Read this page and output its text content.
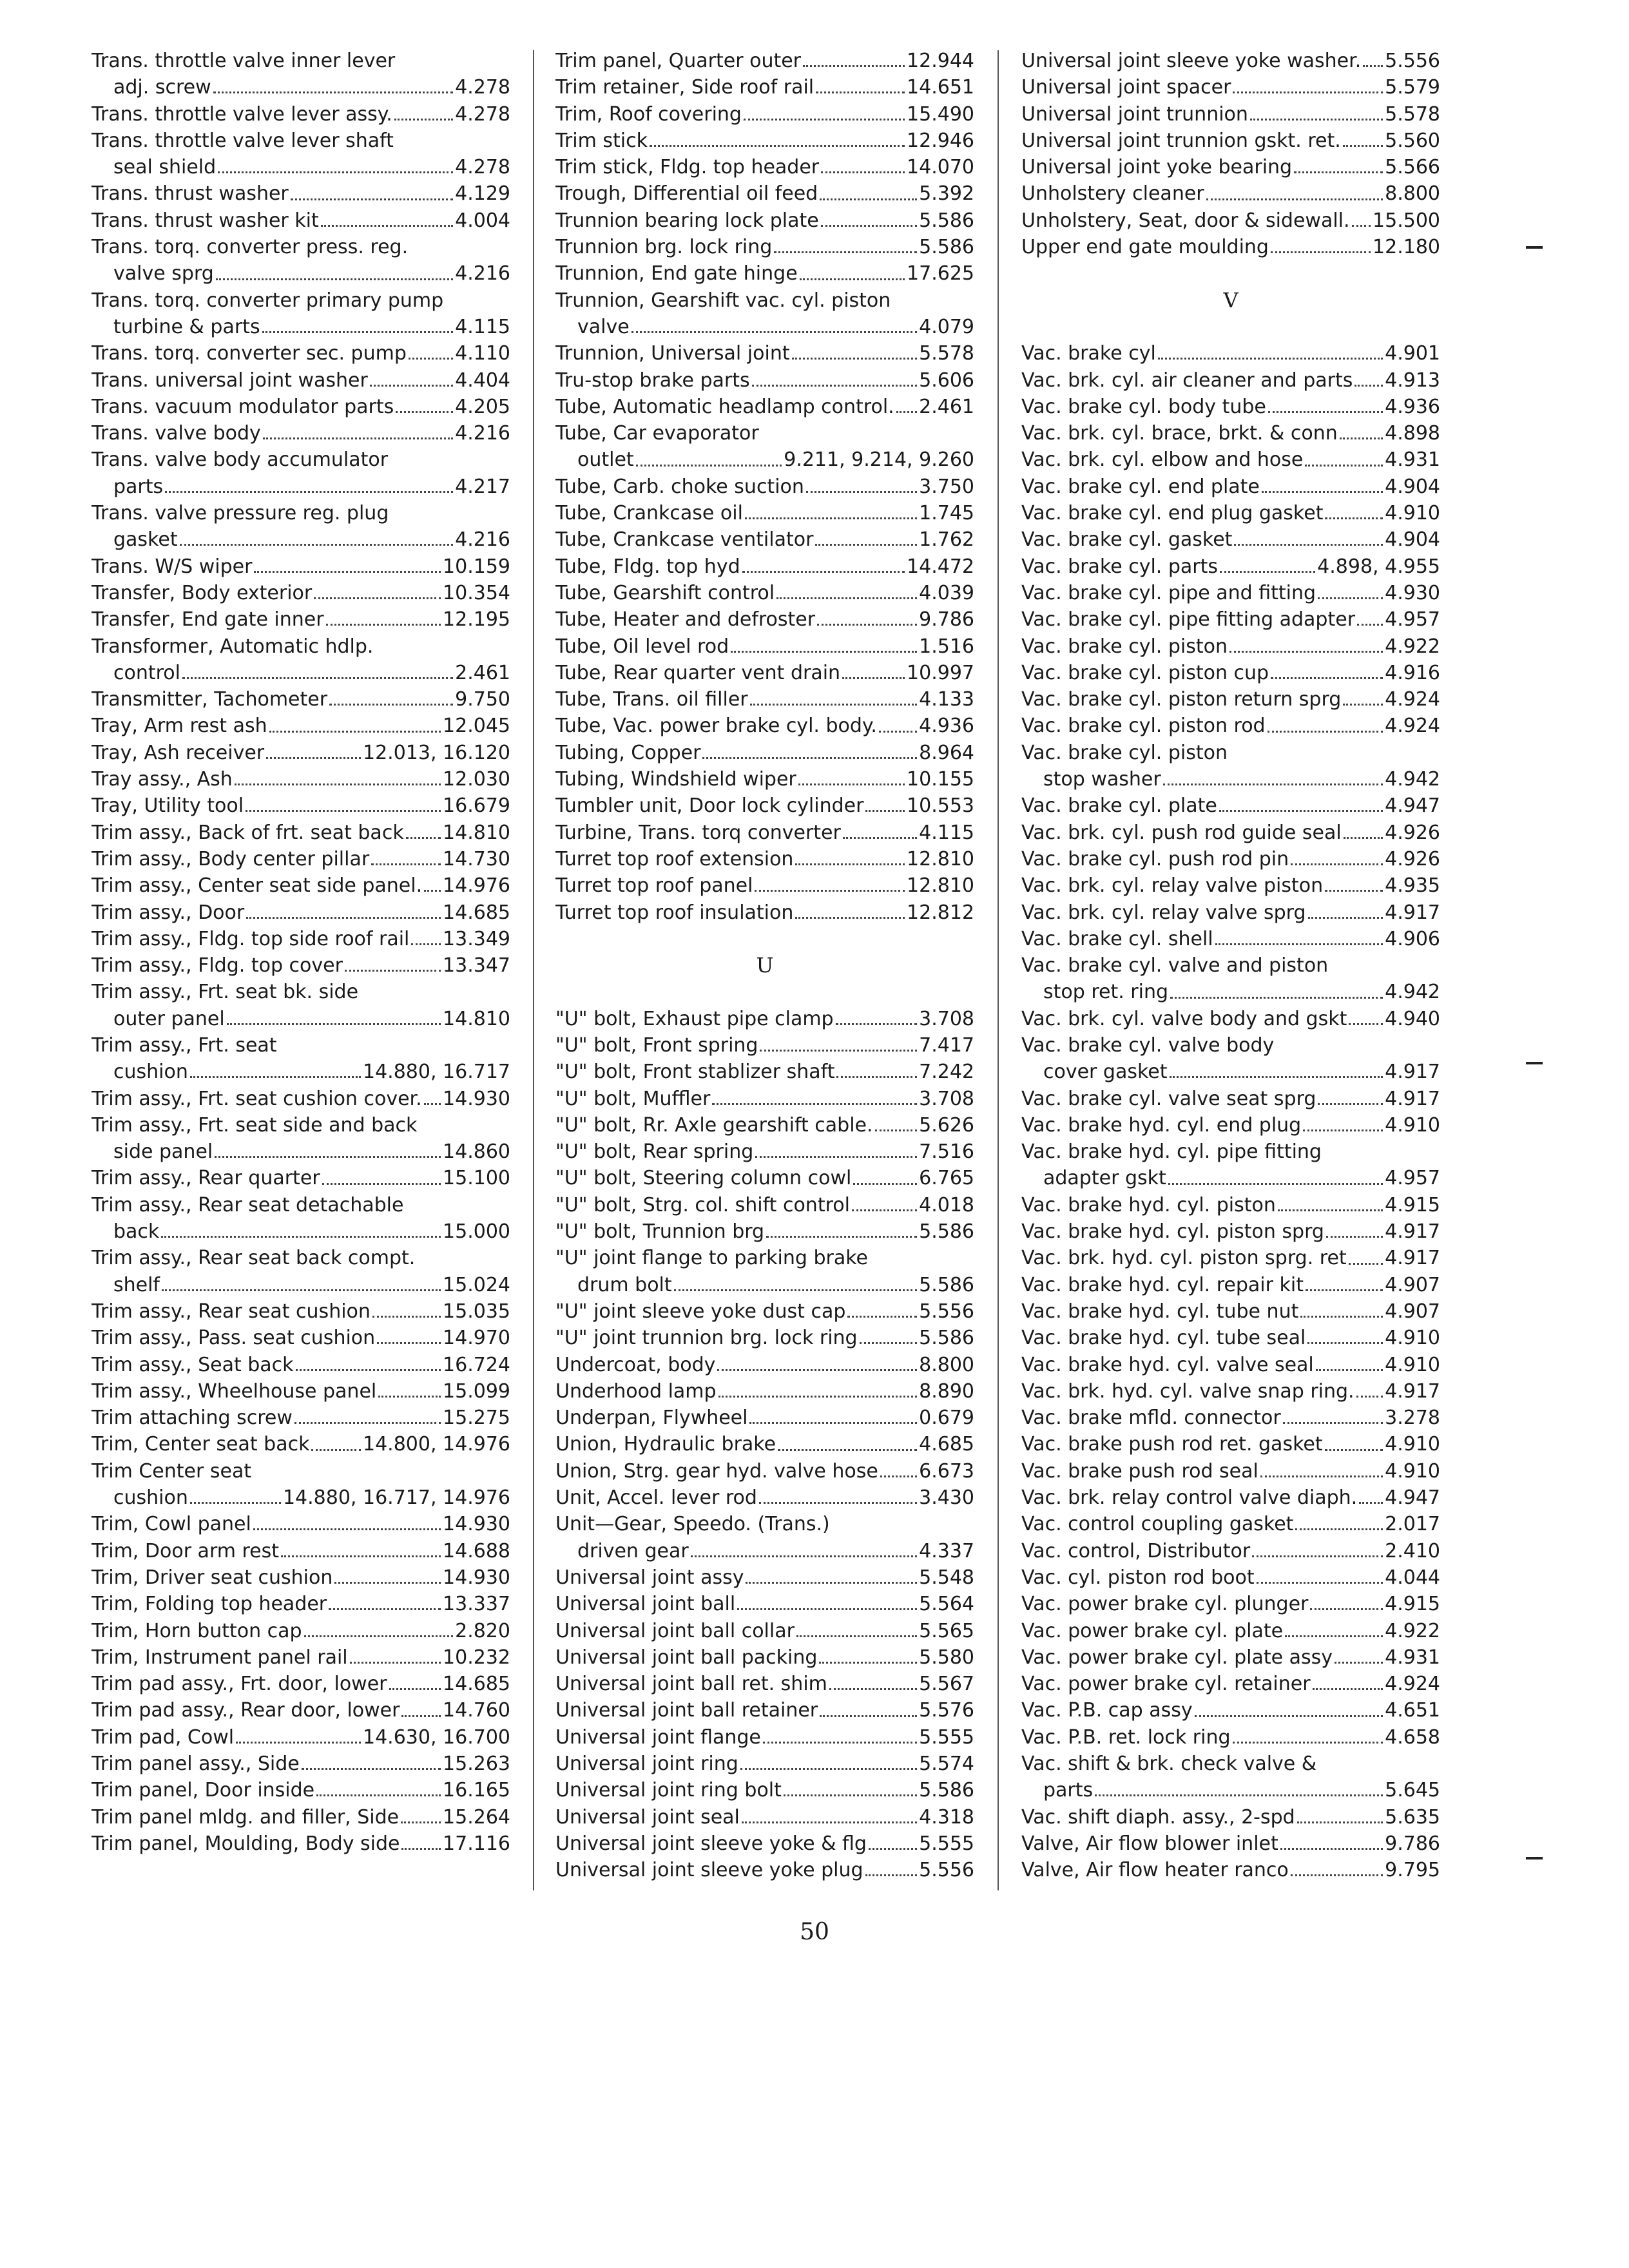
Trans. throttle valve inner lever
adj. screw	4.278
Trans. throttle valve lever assy.	4.278
Trans. throttle valve lever shaft
seal shield	4.278
Trans. thrust washer	4.129
Trans. thrust washer kit	4.004
Trans. torq. converter press. reg.
valve sprg	4.216
Trans. torq. converter primary pump
turbine & parts	4.115
Trans. torq. converter sec. pump	4.110
Trans. universal joint washer	4.404
Trans. vacuum modulator parts	4.205
Trans. valve body	4.216
Trans. valve body accumulator
parts	4.217
Trans. valve pressure reg. plug
gasket	4.216
Trans. W/S wiper	10.159
Transfer, Body exterior	10.354
Transfer, End gate inner	12.195
Transformer, Automatic hdlp.
control	2.461
Transmitter, Tachometer	9.750
Tray, Arm rest ash	12.045
Tray, Ash receiver	12.013, 16.120
Tray assy., Ash	12.030
Tray, Utility tool	16.679
Trim assy., Back of frt. seat back 14.810
Trim assy., Body center pillar	14.730
Trim assy., Center seat side panel. 14.976
Trim assy., Door	14.685
Trim assy., Fldg. top side roof rail 13.349
Trim assy., Fldg. top cover	13.347
Trim assy., Frt. seat bk. side
outer panel	14.810
Trim assy., Frt. seat
cushion	14.880, 16.717
Trim assy., Frt. seat cushion cover. 14.930
Trim assy., Frt. seat side and back
side panel	14.860
Trim assy., Rear quarter	15.100
Trim assy., Rear seat detachable
back	15.000
Trim assy., Rear seat back compt.
shelf	15.024
Trim assy., Rear seat cushion	15.035
Trim assy., Pass. seat cushion	14.970
Trim assy., Seat back	16.724
Trim assy., Wheelhouse panel	15.099
Trim attaching screw	15.275
Trim, Center seat back	14.800, 14.976
Trim Center seat
cushion	14.880, 16.717, 14.976
Trim, Cowl panel	14.930
Trim, Door arm rest	14.688
Trim, Driver seat cushion	14.930
Trim, Folding top header	13.337
Trim, Horn button cap	2.820
Trim, Instrument panel rail	10.232
Trim pad assy., Frt. door, lower	14.685
Trim pad assy., Rear door, lower 14.760
Trim pad, Cowl	14.630, 16.700
Trim panel assy., Side	15.263
Trim panel, Door inside	16.165
Trim panel mldg. and filler, Side 15.264
Trim panel, Moulding, Body side 17.116
Trim panel, Quarter outer	12.944
Trim retainer, Side roof rail	14.651
Trim, Roof covering	15.490
Trim stick	12.946
Trim stick, Fldg. top header	14.070
Trough, Differential oil feed	5.392
Trunnion bearing lock plate	5.586
Trunnion brg. lock ring	5.586
Trunnion, End gate hinge	17.625
Trunnion, Gearshift vac. cyl. piston
valve	4.079
Trunnion, Universal joint	5.578
Tru-stop brake parts	5.606
Tube, Automatic headlamp control. 2.461
Tube, Car evaporator
outlet	9.211, 9.214, 9.260
Tube, Carb. choke suction	3.750
Tube, Crankcase oil	1.745
Tube, Crankcase ventilator	1.762
Tube, Fldg. top hyd	14.472
Tube, Gearshift control	4.039
Tube, Heater and defroster	9.786
Tube, Oil level rod	1.516
Tube, Rear quarter vent drain	10.997
Tube, Trans. oil filler	4.133
Tube, Vac. power brake cyl. body. 4.936
Tubing, Copper	8.964
Tubing, Windshield wiper	10.155
Tumbler unit, Door lock cylinder 10.553
Turbine, Trans. torq converter	4.115
Turret top roof extension	12.810
Turret top roof panel	12.810
Turret top roof insulation	12.812
U
"U" bolt, Exhaust pipe clamp	3.708
"U" bolt, Front spring	7.417
"U" bolt, Front stablizer shaft	7.242
"U" bolt, Muffler	3.708
"U" bolt, Rr. Axle gearshift cable. 5.626
"U" bolt, Rear spring	7.516
"U" bolt, Steering column cowl	6.765
"U" bolt, Strg. col. shift control	4.018
"U" bolt, Trunnion brg	5.586
"U" joint flange to parking brake
drum bolt	5.586
"U" joint sleeve yoke dust cap	5.556
"U" joint trunnion brg. lock ring	5.586
Undercoat, body	8.800
Underhood lamp	8.890
Underpan, Flywheel	0.679
Union, Hydraulic brake	4.685
Union, Strg. gear hyd. valve hose 6.673
Unit, Accel. lever rod	3.430
Unit—Gear, Speedo. (Trans.)
driven gear	4.337
Universal joint assy	5.548
Universal joint ball	5.564
Universal joint ball collar	5.565
Universal joint ball packing	5.580
Universal joint ball ret. shim	5.567
Universal joint ball retainer	5.576
Universal joint flange	5.555
Universal joint ring	5.574
Universal joint ring bolt	5.586
Universal joint seal	4.318
Universal joint sleeve yoke & flg	5.555
Universal joint sleeve yoke plug	5.556
Universal joint sleeve yoke washer. 5.556
Universal joint spacer	5.579
Universal joint trunnion	5.578
Universal joint trunnion gskt. ret. 5.560
Universal joint yoke bearing	5.566
Unholstery cleaner	8.800
Unholstery, Seat, door & sidewall. 15.500
Upper end gate moulding	12.180
V
Vac. brake cyl	4.901
Vac. brk. cyl. air cleaner and parts 4.913
Vac. brake cyl. body tube	4.936
Vac. brk. cyl. brace, brkt. & conn 4.898
Vac. brk. cyl. elbow and hose	4.931
Vac. brake cyl. end plate	4.904
Vac. brake cyl. end plug gasket	4.910
Vac. brake cyl. gasket	4.904
Vac. brake cyl. parts	4.898, 4.955
Vac. brake cyl. pipe and fitting	4.930
Vac. brake cyl. pipe fitting adapter 4.957
Vac. brake cyl. piston	4.922
Vac. brake cyl. piston cup	4.916
Vac. brake cyl. piston return sprg 4.924
Vac. brake cyl. piston rod	4.924
Vac. brake cyl. piston
stop washer	4.942
Vac. brake cyl. plate	4.947
Vac. brk. cyl. push rod guide seal 4.926
Vac. brake cyl. push rod pin	4.926
Vac. brk. cyl. relay valve piston	4.935
Vac. brk. cyl. relay valve sprg	4.917
Vac. brake cyl. shell	4.906
Vac. brake cyl. valve and piston
stop ret. ring	4.942
Vac. brk. cyl. valve body and gskt 4.940
Vac. brake cyl. valve body
cover gasket	4.917
Vac. brake cyl. valve seat sprg	4.917
Vac. brake hyd. cyl. end plug	4.910
Vac. brake hyd. cyl. pipe fitting
adapter gskt	4.957
Vac. brake hyd. cyl. piston	4.915
Vac. brake hyd. cyl. piston sprg	4.917
Vac. brk. hyd. cyl. piston sprg. ret 4.917
Vac. brake hyd. cyl. repair kit	4.907
Vac. brake hyd. cyl. tube nut	4.907
Vac. brake hyd. cyl. tube seal	4.910
Vac. brake hyd. cyl. valve seal	4.910
Vac. brk. hyd. cyl. valve snap ring. 4.917
Vac. brake mfld. connector	3.278
Vac. brake push rod ret. gasket	4.910
Vac. brake push rod seal	4.910
Vac. brk. relay control valve diaph. 4.947
Vac. control coupling gasket	2.017
Vac. control, Distributor	2.410
Vac. cyl. piston rod boot	4.044
Vac. power brake cyl. plunger	4.915
Vac. power brake cyl. plate	4.922
Vac. power brake cyl. plate assy	4.931
Vac. power brake cyl. retainer	4.924
Vac. P.B. cap assy	4.651
Vac. P.B. ret. lock ring	4.658
Vac. shift & brk. check valve &
parts	5.645
Vac. shift diaph. assy., 2-spd	5.635
Valve, Air flow blower inlet	9.786
Valve, Air flow heater ranco	9.795
50
